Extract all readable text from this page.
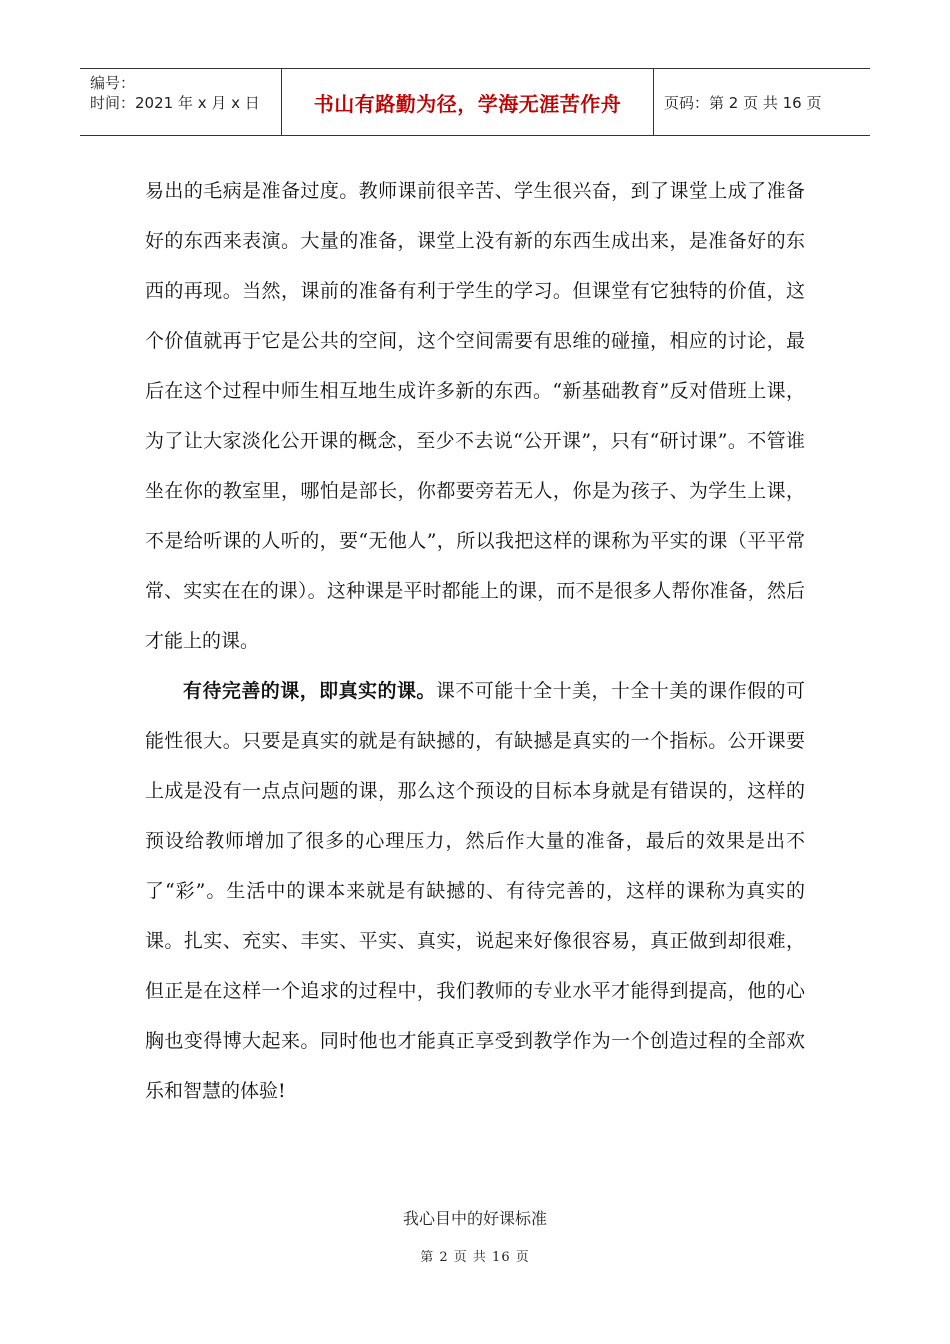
编号：
时间：2021 年 x 月 x 日	书山有路勤为径，学海无涯苦作舟	页码：第 2 页 共 16 页

易出的毛病是准备过度。教师课前很辛苦、学生很兴奋，到了课堂上成了准备好的东西来表演。大量的准备，课堂上没有新的东西生成出来，是准备好的东西的再现。当然，课前的准备有利于学生的学习。但课堂有它独特的价值，这个价值就再于它是公共的空间，这个空间需要有思维的碰撞，相应的讨论，最后在这个过程中师生相互地生成许多新的东西。“新基础教育”反对借班上课，为了让大家淡化公开课的概念，至少不去说“公开课”，只有“研讨课”。不管谁坐在你的教室里，哪怕是部长，你都要旁若无人，你是为孩子、为学生上课，不是给听课的人听的，要“无他人”，所以我把这样的课称为平实的课（平平常常、实实在在的课）。这种课是平时都能上的课，而不是很多人帮你准备，然后才能上的课。

有待完善的课，即真实的课。课不可能十全十美，十全十美的课作假的可能性很大。只要是真实的就是有缺撼的，有缺撼是真实的一个指标。公开课要上成是没有一点点问题的课，那么这个预设的目标本身就是有错误的，这样的预设给教师增加了很多的心理压力，然后作大量的准备，最后的效果是出不了“彩”。生活中的课本来就是有缺撼的、有待完善的，这样的课称为真实的课。扎实、充实、丰实、平实、真实，说起来好像很容易，真正做到却很难，但正是在这样一个追求的过程中，我们教师的专业水平才能得到提高，他的心胸也变得博大起来。同时他也才能真正享受到教学作为一个创造过程的全部欢乐和智慧的体验!

我心目中的好课标准
第 2 页 共 16 页
